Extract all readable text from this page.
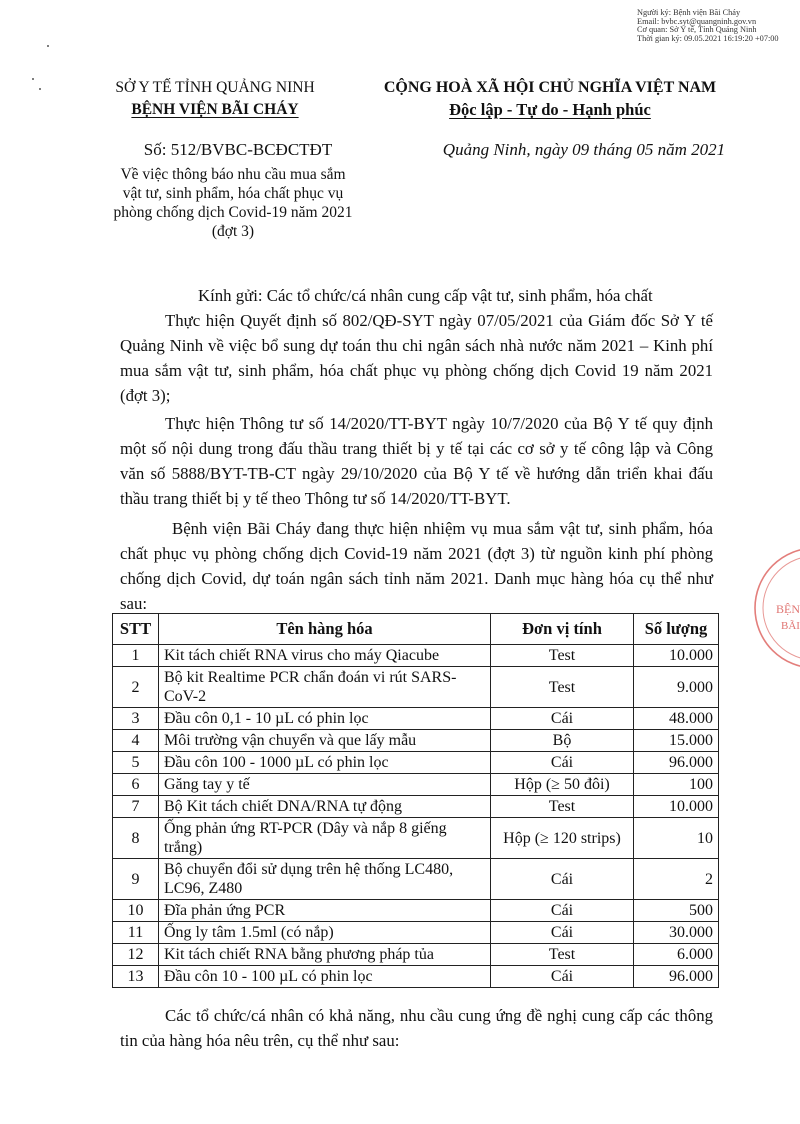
Người ký: Bệnh viện Bãi Cháy
Email: bvbc.syt@quangninh.gov.vn
Cơ quan: Sở Y tế, Tỉnh Quảng Ninh
Thời gian ký: 09.05.2021 16:19:20 +07:00
SỞ Y TẾ TỈNH QUẢNG NINH
BỆNH VIỆN BÃI CHÁY
Số: 512/BVBC-BCĐCTĐT
Về việc thông báo nhu cầu mua sắm
vật tư, sinh phẩm, hóa chất phục vụ
phòng chống dịch Covid-19 năm 2021
(đợt 3)
CỘNG HOÀ XÃ HỘI CHỦ NGHĨA VIỆT NAM
Độc lập - Tự do - Hạnh phúc
Quảng Ninh, ngày 09 tháng 05 năm 2021
Kính gửi: Các tổ chức/cá nhân cung cấp vật tư, sinh phẩm, hóa chất

Thực hiện Quyết định số 802/QĐ-SYT ngày 07/05/2021 của Giám đốc Sở Y tế Quảng Ninh về việc bổ sung dự toán thu chi ngân sách nhà nước năm 2021 – Kinh phí mua sắm vật tư, sinh phẩm, hóa chất phục vụ phòng chống dịch Covid 19 năm 2021 (đợt 3);

Thực hiện Thông tư số 14/2020/TT-BYT ngày 10/7/2020 của Bộ Y tế quy định một số nội dung trong đấu thầu trang thiết bị y tế tại các cơ sở y tế công lập và Công văn số 5888/BYT-TB-CT ngày 29/10/2020 của Bộ Y tế về hướng dẫn triển khai đấu thầu trang thiết bị y tế theo Thông tư số 14/2020/TT-BYT.

Bệnh viện Bãi Cháy đang thực hiện nhiệm vụ mua sắm vật tư, sinh phẩm, hóa chất phục vụ phòng chống dịch Covid-19 năm 2021 (đợt 3) từ nguồn kinh phí phòng chống dịch Covid, dự toán ngân sách tỉnh năm 2021. Danh mục hàng hóa cụ thể như sau:

STT	Tên hàng hóa	Đơn vị tính	Số lượng
1	Kit tách chiết RNA virus cho máy Qiacube	Test	10.000
2	Bộ kit Realtime PCR chẩn đoán vi rút SARS-CoV-2	Test	9.000
3	Đầu côn 0,1 - 10 µL có phin lọc	Cái	48.000
4	Môi trường vận chuyển và que lấy mẫu	Bộ	15.000
5	Đầu côn 100 - 1000 µL có phin lọc	Cái	96.000
6	Găng tay y tế	Hộp (≥ 50 đôi)	100
7	Bộ Kit tách chiết DNA/RNA tự động	Test	10.000
8	Ống phản ứng RT-PCR (Dây và nắp 8 giếng trắng)	Hộp (≥ 120 strips)	10
9	Bộ chuyển đổi sử dụng trên hệ thống LC480, LC96, Z480	Cái	2
10	Đĩa phản ứng PCR	Cái	500
11	Ống ly tâm 1.5ml (có nắp)	Cái	30.000
12	Kit tách chiết RNA bằng phương pháp tủa	Test	6.000
13	Đầu côn 10 - 100 µL có phin lọc	Cái	96.000

Các tổ chức/cá nhân có khả năng, nhu cầu cung ứng đề nghị cung cấp các thông tin của hàng hóa nêu trên, cụ thể như sau:

BỆN
BÃI
